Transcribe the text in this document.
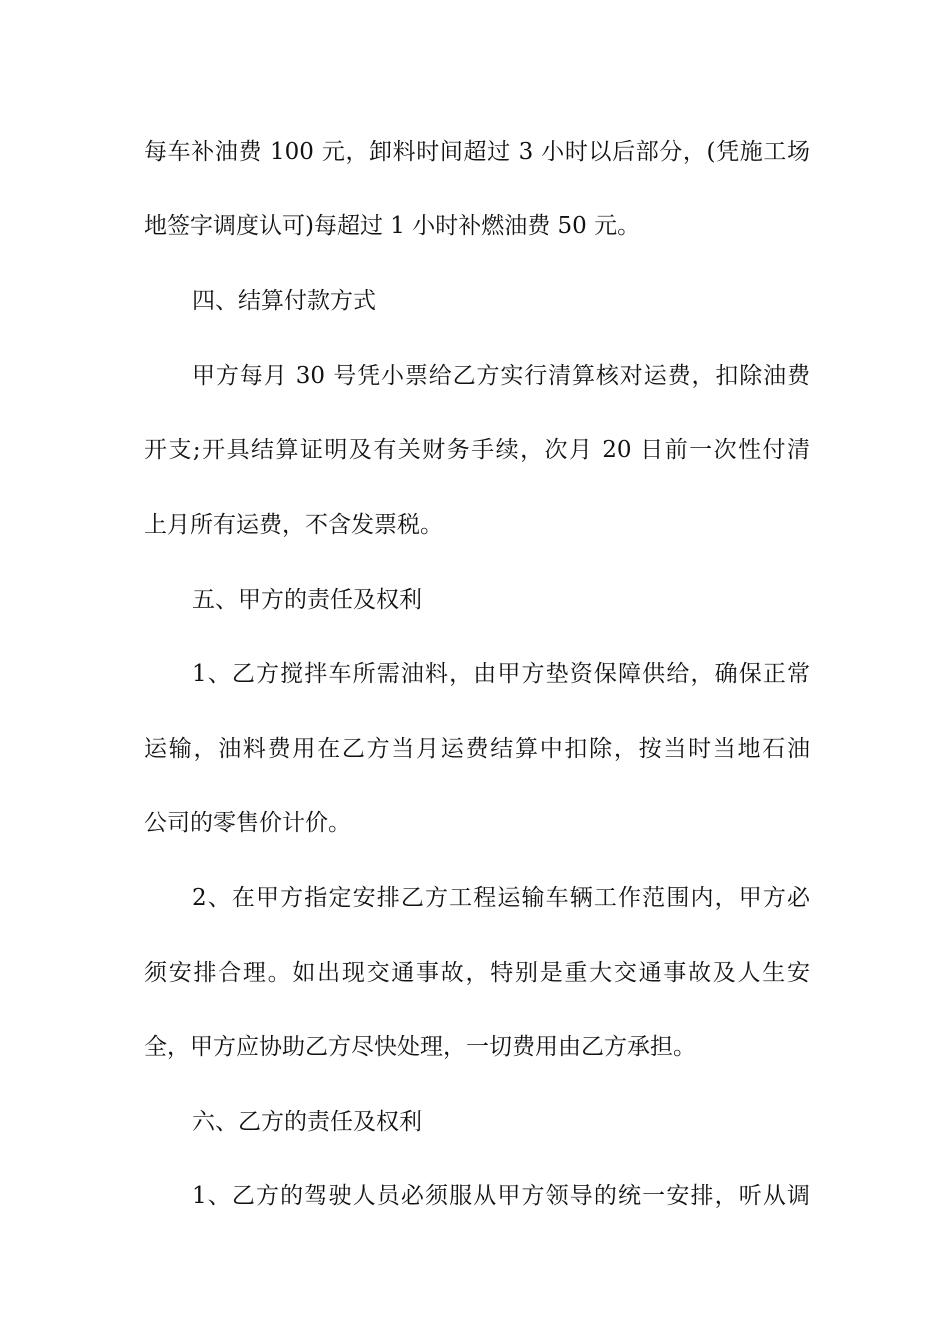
每车补油费 100 元，卸料时间超过 3 小时以后部分，(凭施工场
地签字调度认可)每超过 1 小时补燃油费 50 元。
四、结算付款方式
甲方每月 30 号凭小票给乙方实行清算核对运费，扣除油费
开支;开具结算证明及有关财务手续，次月 20 日前一次性付清
上月所有运费，不含发票税。
五、甲方的责任及权利
1、乙方搅拌车所需油料，由甲方垫资保障供给，确保正常
运输，油料费用在乙方当月运费结算中扣除，按当时当地石油
公司的零售价计价。
2、在甲方指定安排乙方工程运输车辆工作范围内，甲方必
须安排合理。如出现交通事故，特别是重大交通事故及人生安
全，甲方应协助乙方尽快处理，一切费用由乙方承担。
六、乙方的责任及权利
1、乙方的驾驶人员必须服从甲方领导的统一安排，听从调
